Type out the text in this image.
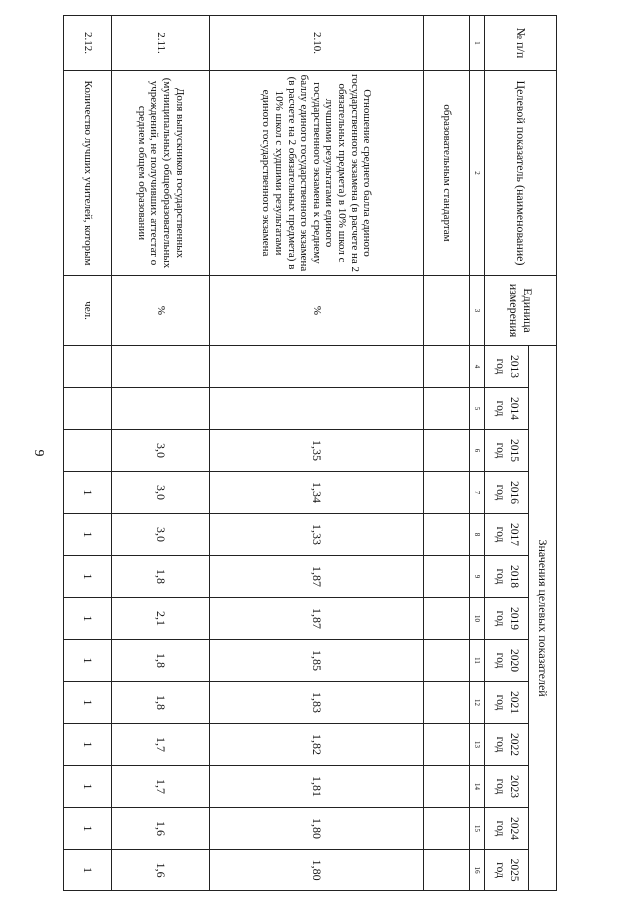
9
№ п/п	Целевой показатель (наименование)	Единица измерения	Значения целевых показателей												
			2013 год	2014 год	2015 год	2016 год	2017 год	2018 год	2019 год	2020 год	2021 год	2022 год	2023 год	2024 год	2025 год
1	2	3	4	5	6	7	8	9	10	11	12	13	14	15	16
	образовательным стандартам														
2.10.	Отношение среднего балла единого государственного экзамена (в расчете на 2 обязательных предмета) в 10% школ с лучшими результатами единого государственного экзамена к среднему баллу единого государственного экзамена (в расчете на 2 обязательных предмета) в 10% школ с худшими результатами единого государственного экзамена	%			1,35	1,34	1,33	1,87	1,87	1,85	1,83	1,82	1,81	1,80	1,80
2.11.	Доля выпускников государственных (муниципальных) общеобразовательных учреждений, не получивших аттестат о среднем общем образовании	%			3,0	3,0	3,0	1,8	2,1	1,8	1,8	1,7	1,7	1,6	1,6
2.12.	Количество лучших учителей, которым	чел.				1	1	1	1	1	1	1	1	1	1
